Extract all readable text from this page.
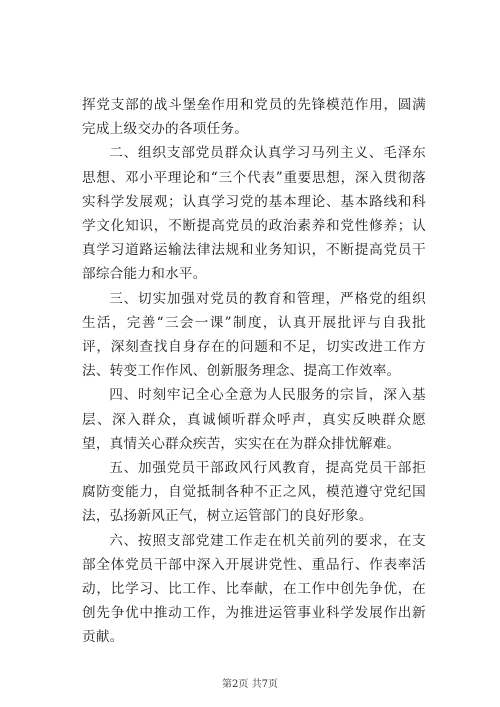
挥党支部的战斗堡垒作用和党员的先锋模范作用，圆满完成上级交办的各项任务。

二、组织支部党员群众认真学习马列主义、毛泽东思想、邓小平理论和“三个代表”重要思想，深入贯彻落实科学发展观；认真学习党的基本理论、基本路线和科学文化知识，不断提高党员的政治素养和党性修养；认真学习道路运输法律法规和业务知识，不断提高党员干部综合能力和水平。

三、切实加强对党员的教育和管理，严格党的组织生活，完善“三会一课”制度，认真开展批评与自我批评，深刻查找自身存在的问题和不足，切实改进工作方法、转变工作作风、创新服务理念、提高工作效率。

四、时刻牢记全心全意为人民服务的宗旨，深入基层、深入群众，真诚倾听群众呼声，真实反映群众愿望，真情关心群众疾苦，实实在在为群众排忧解难。

五、加强党员干部政风行风教育，提高党员干部拒腐防变能力，自觉抵制各种不正之风，模范遵守党纪国法，弘扬新风正气，树立运管部门的良好形象。

六、按照支部党建工作走在机关前列的要求，在支部全体党员干部中深入开展讲党性、重品行、作表率活动，比学习、比工作、比奉献，在工作中创先争优，在创先争优中推动工作，为推进运管事业科学发展作出新贡献。

第2页 共7页
